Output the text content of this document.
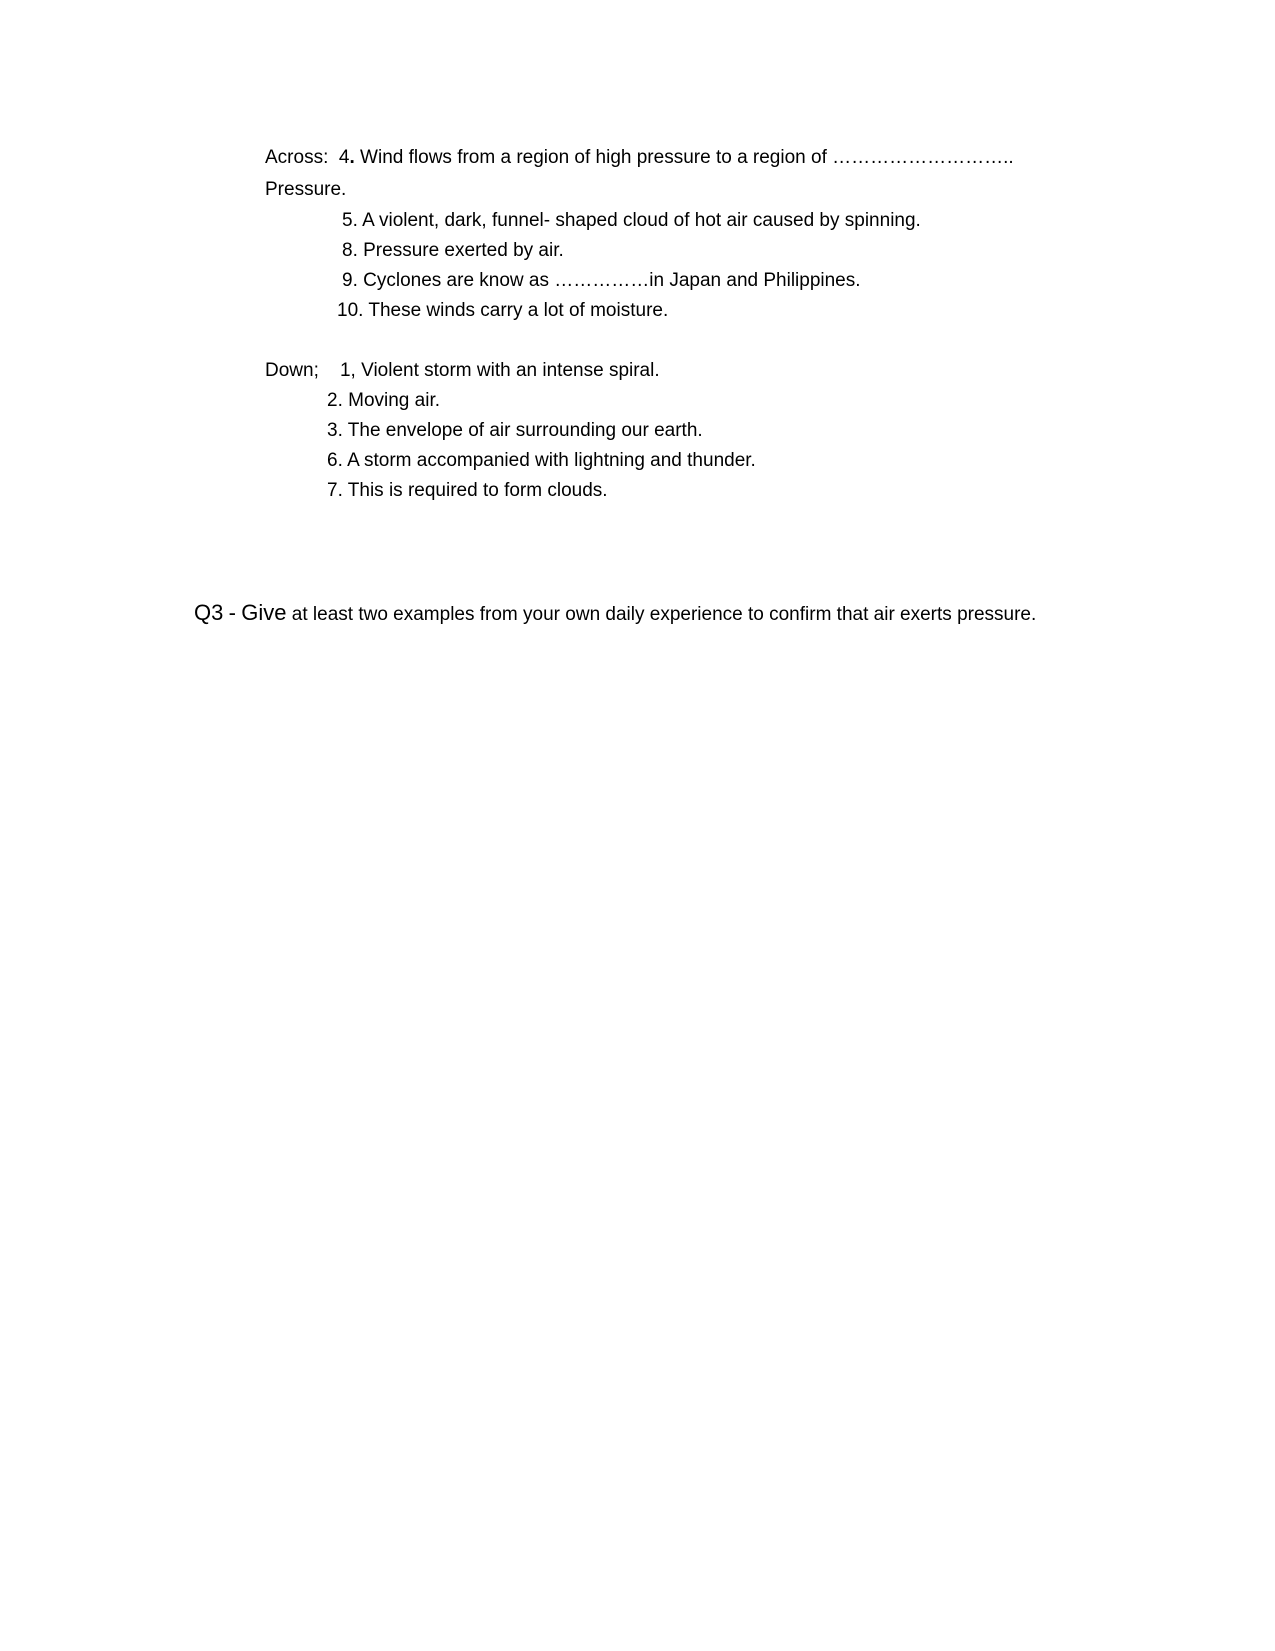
Across: 4. Wind flows from a region of high pressure to a region of ………………………..
Pressure.
5. A violent, dark, funnel- shaped cloud of hot air caused by spinning.
8. Pressure exerted by air.
9. Cyclones are know as ……………in Japan and Philippines.
10. These winds carry a lot of moisture.
Down; 1, Violent storm with an intense spiral.
2. Moving air.
3. The envelope of air surrounding our earth.
6. A storm accompanied with lightning and thunder.
7. This is required to form clouds.
Q3 - Give at least two examples from your own daily experience to confirm that air exerts pressure.
